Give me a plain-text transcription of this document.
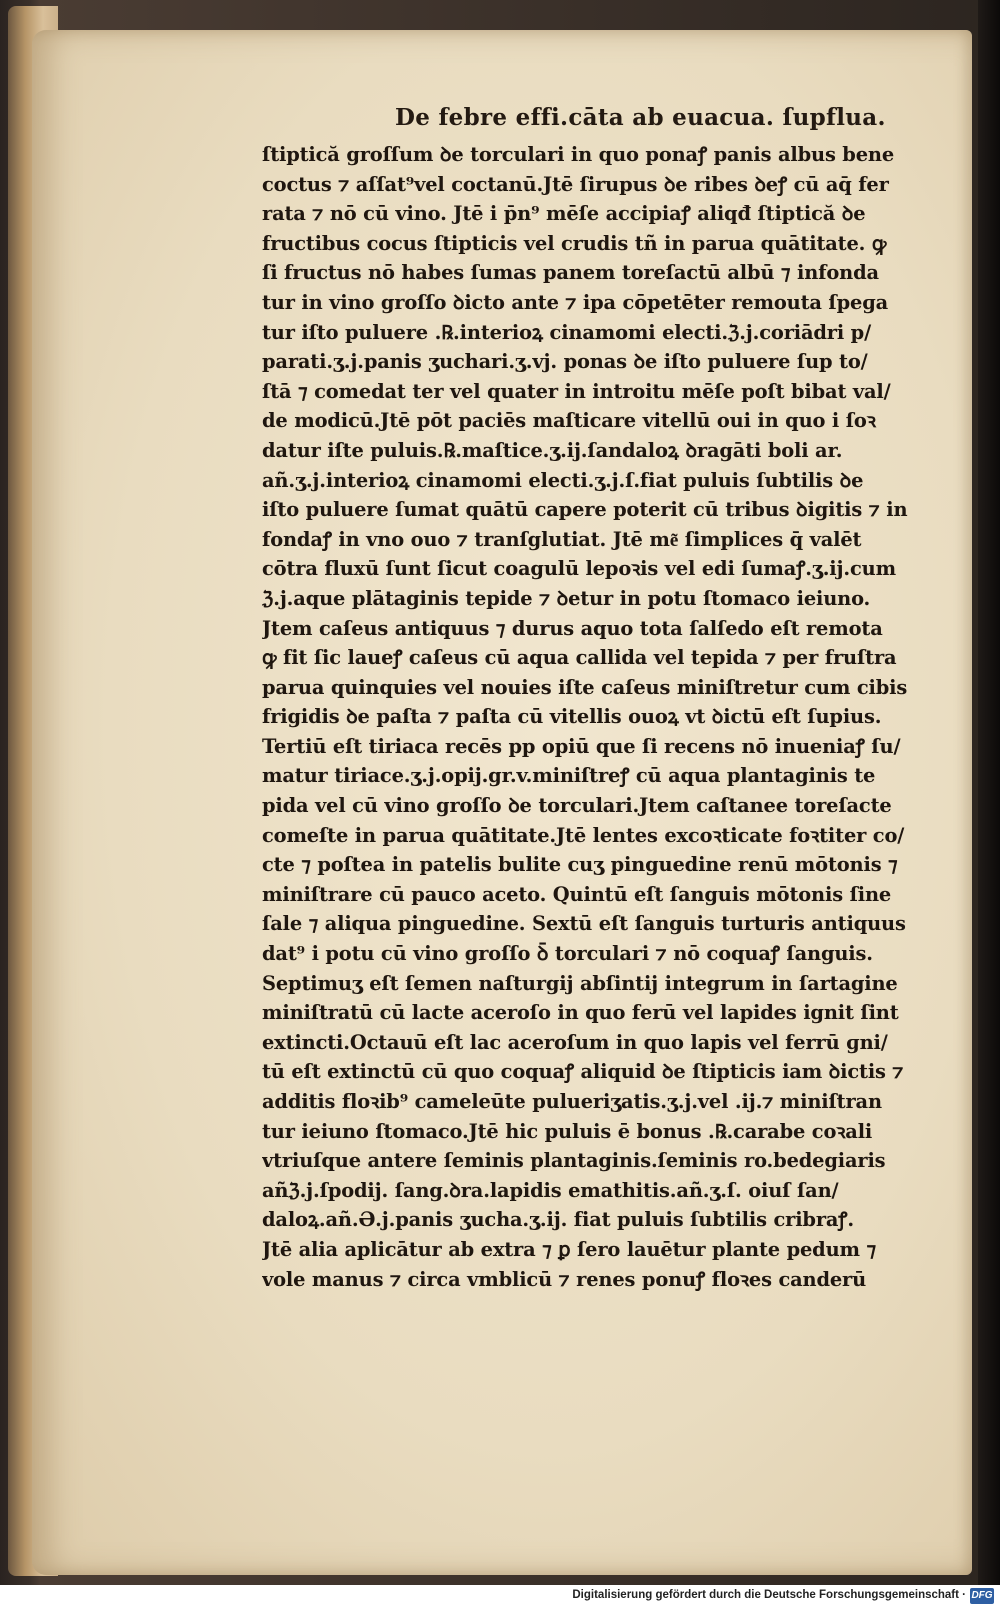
De febre effi.cāta ab euacua. ſupflua.
ſtiptică groſſum ꝺe torculari in quo ponaꝭ panis albus bene
coctus ⁊ aſſat⁹vel coctanū.Jtē ſirupus ꝺe ribes ꝺeꝭ cū aq̄ fer
rata ⁊ nō cū vino. Jtē i p̄n⁹ mēſe accipiaꝭ aliqđ ſtiptică ꝺe
fructibus cocus ſtipticis vel crudis tñ in parua quātitate. ꝙ
ſi fructus nō habes ſumas panem toreſactū albū ⁊ infonda
tur in vino groſſo ꝺicto ante ⁊ ipa cōpetēter remouta ſpeɡa
tur iſto puluere .℞.interioꝝ cinamomi electi.ℨ.j.coriādri p/
parati.ʒ.j.panis ʒuchari.ʒ.vj. ponas ꝺe iſto puluere ſup to/
ſtā ⁊ comedat ter vel quater in introitu mēſe poſt bibat val/
de modicū.Jtē pōt paciēs maſticare vitellū oui in quo i ſoꝛ
datur iſte puluis.℞.maſtice.ʒ.ij.ſandaloꝝ ꝺragāti boli ar.
añ.ʒ.j.interioꝝ cinamomi electi.ʒ.j.ſ.fiat puluis ſubtilis ꝺe
iſto puluere ſumat quātū capere poterit cū tribus ꝺigitis ⁊ in
fondaꝭ in vno ouo ⁊ tranſglutiat. Jtē me͂ ſimplices q̄ valēt
cōtra fluxū ſunt ſicut coagulū lepoꝛis vel edi ſumaꝭ.ʒ.ij.cum
ℨ.j.aque plātaginis tepide ⁊ ꝺetur in potu ſtomaco ieiuno.
Jtem caſeus antiquus ⁊ durus aquo tota ſalſedo eſt remota
ꝙ fit ſic laueꝭ caſeus cū aqua callida vel tepida ⁊ per fruſtra
parua quinquies vel nouies iſte caſeus miniſtretur cum cibis
frigidis ꝺe paſta ⁊ paſta cū vitellis ouoꝝ vt ꝺictū eſt ſupius.
Tertiū eſt tiriaca recēs pp opiū que ſi recens nō inueniaꝭ ſu/
matur tiriace.ʒ.j.opij.gr.v.miniſtreꝭ cū aqua plantaginis te
pida vel cū vino groſſo ꝺe torculari.Jtem caſtanee toreſacte
comeſte in parua quātitate.Jtē lentes excoꝛticate foꝛtiter co/
cte ⁊ poſtea in patelis bulite cuʒ pinguedine renū mōtonis ⁊
miniſtrare cū pauco aceto. Quintū eſt ſanguis mōtonis ſine
ſale ⁊ aliqua pinguedine. Sextū eſt ſanguis turturis antiquus
dat⁹ i potu cū vino groſſo ꝺ̄ torculari ⁊ nō coquaꝭ ſanguis.
Septimuʒ eſt ſemen naſturgij abſintij integrum in ſartagine
miniſtratū cū lacte aceroſo in quo ferū vel lapides ignit ſint
extincti.Octauū eſt lac aceroſum in quo lapis vel ferrū ɡni/
tū eſt extinctū cū quo coquaꝭ aliquid ꝺe ſtipticis iam ꝺictis ⁊
additis floꝛib⁹ cameleūte pulueriʒatis.ʒ.j.vel .ij.⁊ miniſtran
tur ieiuno ſtomaco.Jtē hic puluis ē bonus .℞.carabe coꝛali
vtriuſque antere ſeminis plantaginis.ſeminis ro.bedegiaris
añℨ.j.ſpodij. ſang.ꝺra.lapidis emathitis.añ.ʒ.ſ. oiuſ ſan/
daloꝝ.añ.Ə.j.panis ʒucha.ʒ.ij. fiat puluis ſubtilis cribraꝭ.
Jtē alia aplicātur ab extra ⁊ ꝑ ſero lauētur plante pedum ⁊
vole manus ⁊ circa vmblicū ⁊ renes ponuꝭ floꝛes canderū
Digitalisierung gefördert durch die Deutsche Forschungsgemeinschaft · DFG
